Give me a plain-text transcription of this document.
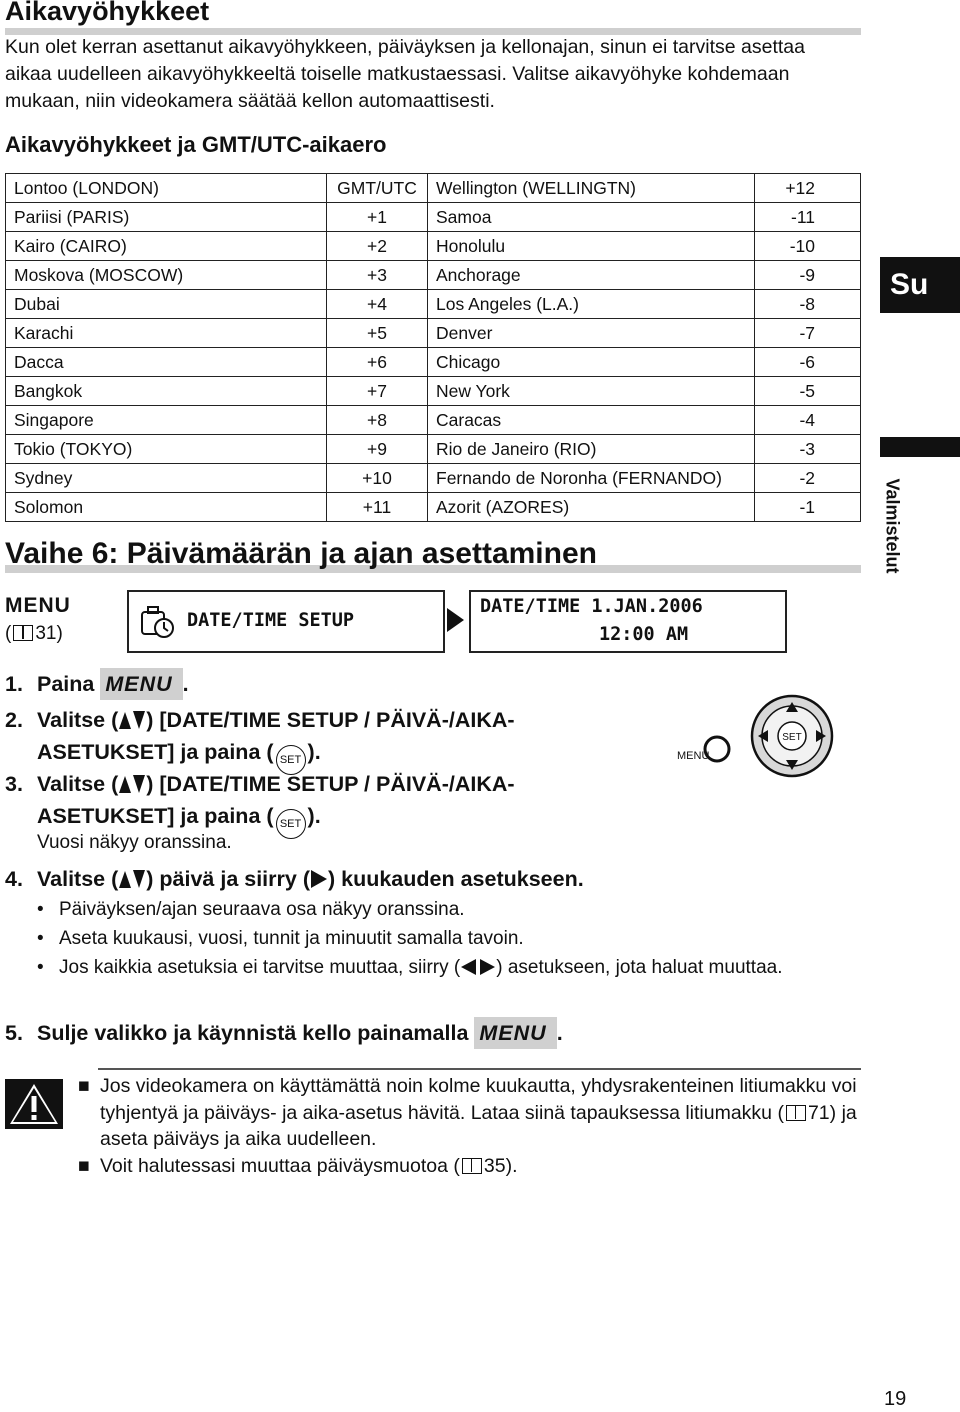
Aikavyöhykkeet

Kun olet kerran asettanut aikavyöhykkeen, päiväyksen ja kellonajan, sinun ei tarvitse asettaa aikaa uudelleen aikavyöhykkeeltä toiselle matkustaessasi. Valitse aikavyöhyke kohdemaan mukaan, niin videokamera säätää kellon automaattisesti.

Aikavyöhykkeet ja GMT/UTC-aikaero
Lontoo (LONDON)	GMT/UTC	Wellington (WELLINGTN)	+12
Pariisi (PARIS)	+1	Samoa	-11
Kairo (CAIRO)	+2	Honolulu	-10
Moskova (MOSCOW)	+3	Anchorage	-9
Dubai	+4	Los Angeles (L.A.)	-8
Karachi	+5	Denver	-7
Dacca	+6	Chicago	-6
Bangkok	+7	New York	-5
Singapore	+8	Caracas	-4
Tokio (TOKYO)	+9	Rio de Janeiro (RIO)	-3
Sydney	+10	Fernando de Noronha (FERNANDO)	-2
Solomon	+11	Azorit (AZORES)	-1
Su
Valmistelut
Vaihe 6: Päivämäärän ja ajan asettaminen
MENU
( 31)
DATE/TIME SETUP
DATE/TIME 1.JAN.2006
12:00 AM
1. Paina MENU .
2. Valitse ( ) [DATE/TIME SETUP / PÄIVÄ-/AIKA-
ASETUKSET] ja paina ( SET ).
3. Valitse ( ) [DATE/TIME SETUP / PÄIVÄ-/AIKA-
ASETUKSET] ja paina ( SET ).
Vuosi näkyy oranssina.
MENU
SET
4. Valitse ( ) päivä ja siirry ( ) kuukauden asetukseen.
• Päiväyksen/ajan seuraava osa näkyy oranssina.
• Aseta kuukausi, vuosi, tunnit ja minuutit samalla tavoin.
• Jos kaikkia asetuksia ei tarvitse muuttaa, siirry ( ) asetukseen, jota haluat muuttaa.
5. Sulje valikko ja käynnistä kello painamalla MENU .
■ Jos videokamera on käyttämättä noin kolme kuukautta, yhdysrakenteinen litiumakku voi tyhjentyä ja päiväys- ja aika-asetus hävitä. Lataa siinä tapauksessa litiumakku ( 71) ja aseta päiväys ja aika uudelleen.
■ Voit halutessasi muuttaa päiväysmuotoa ( 35).
19
